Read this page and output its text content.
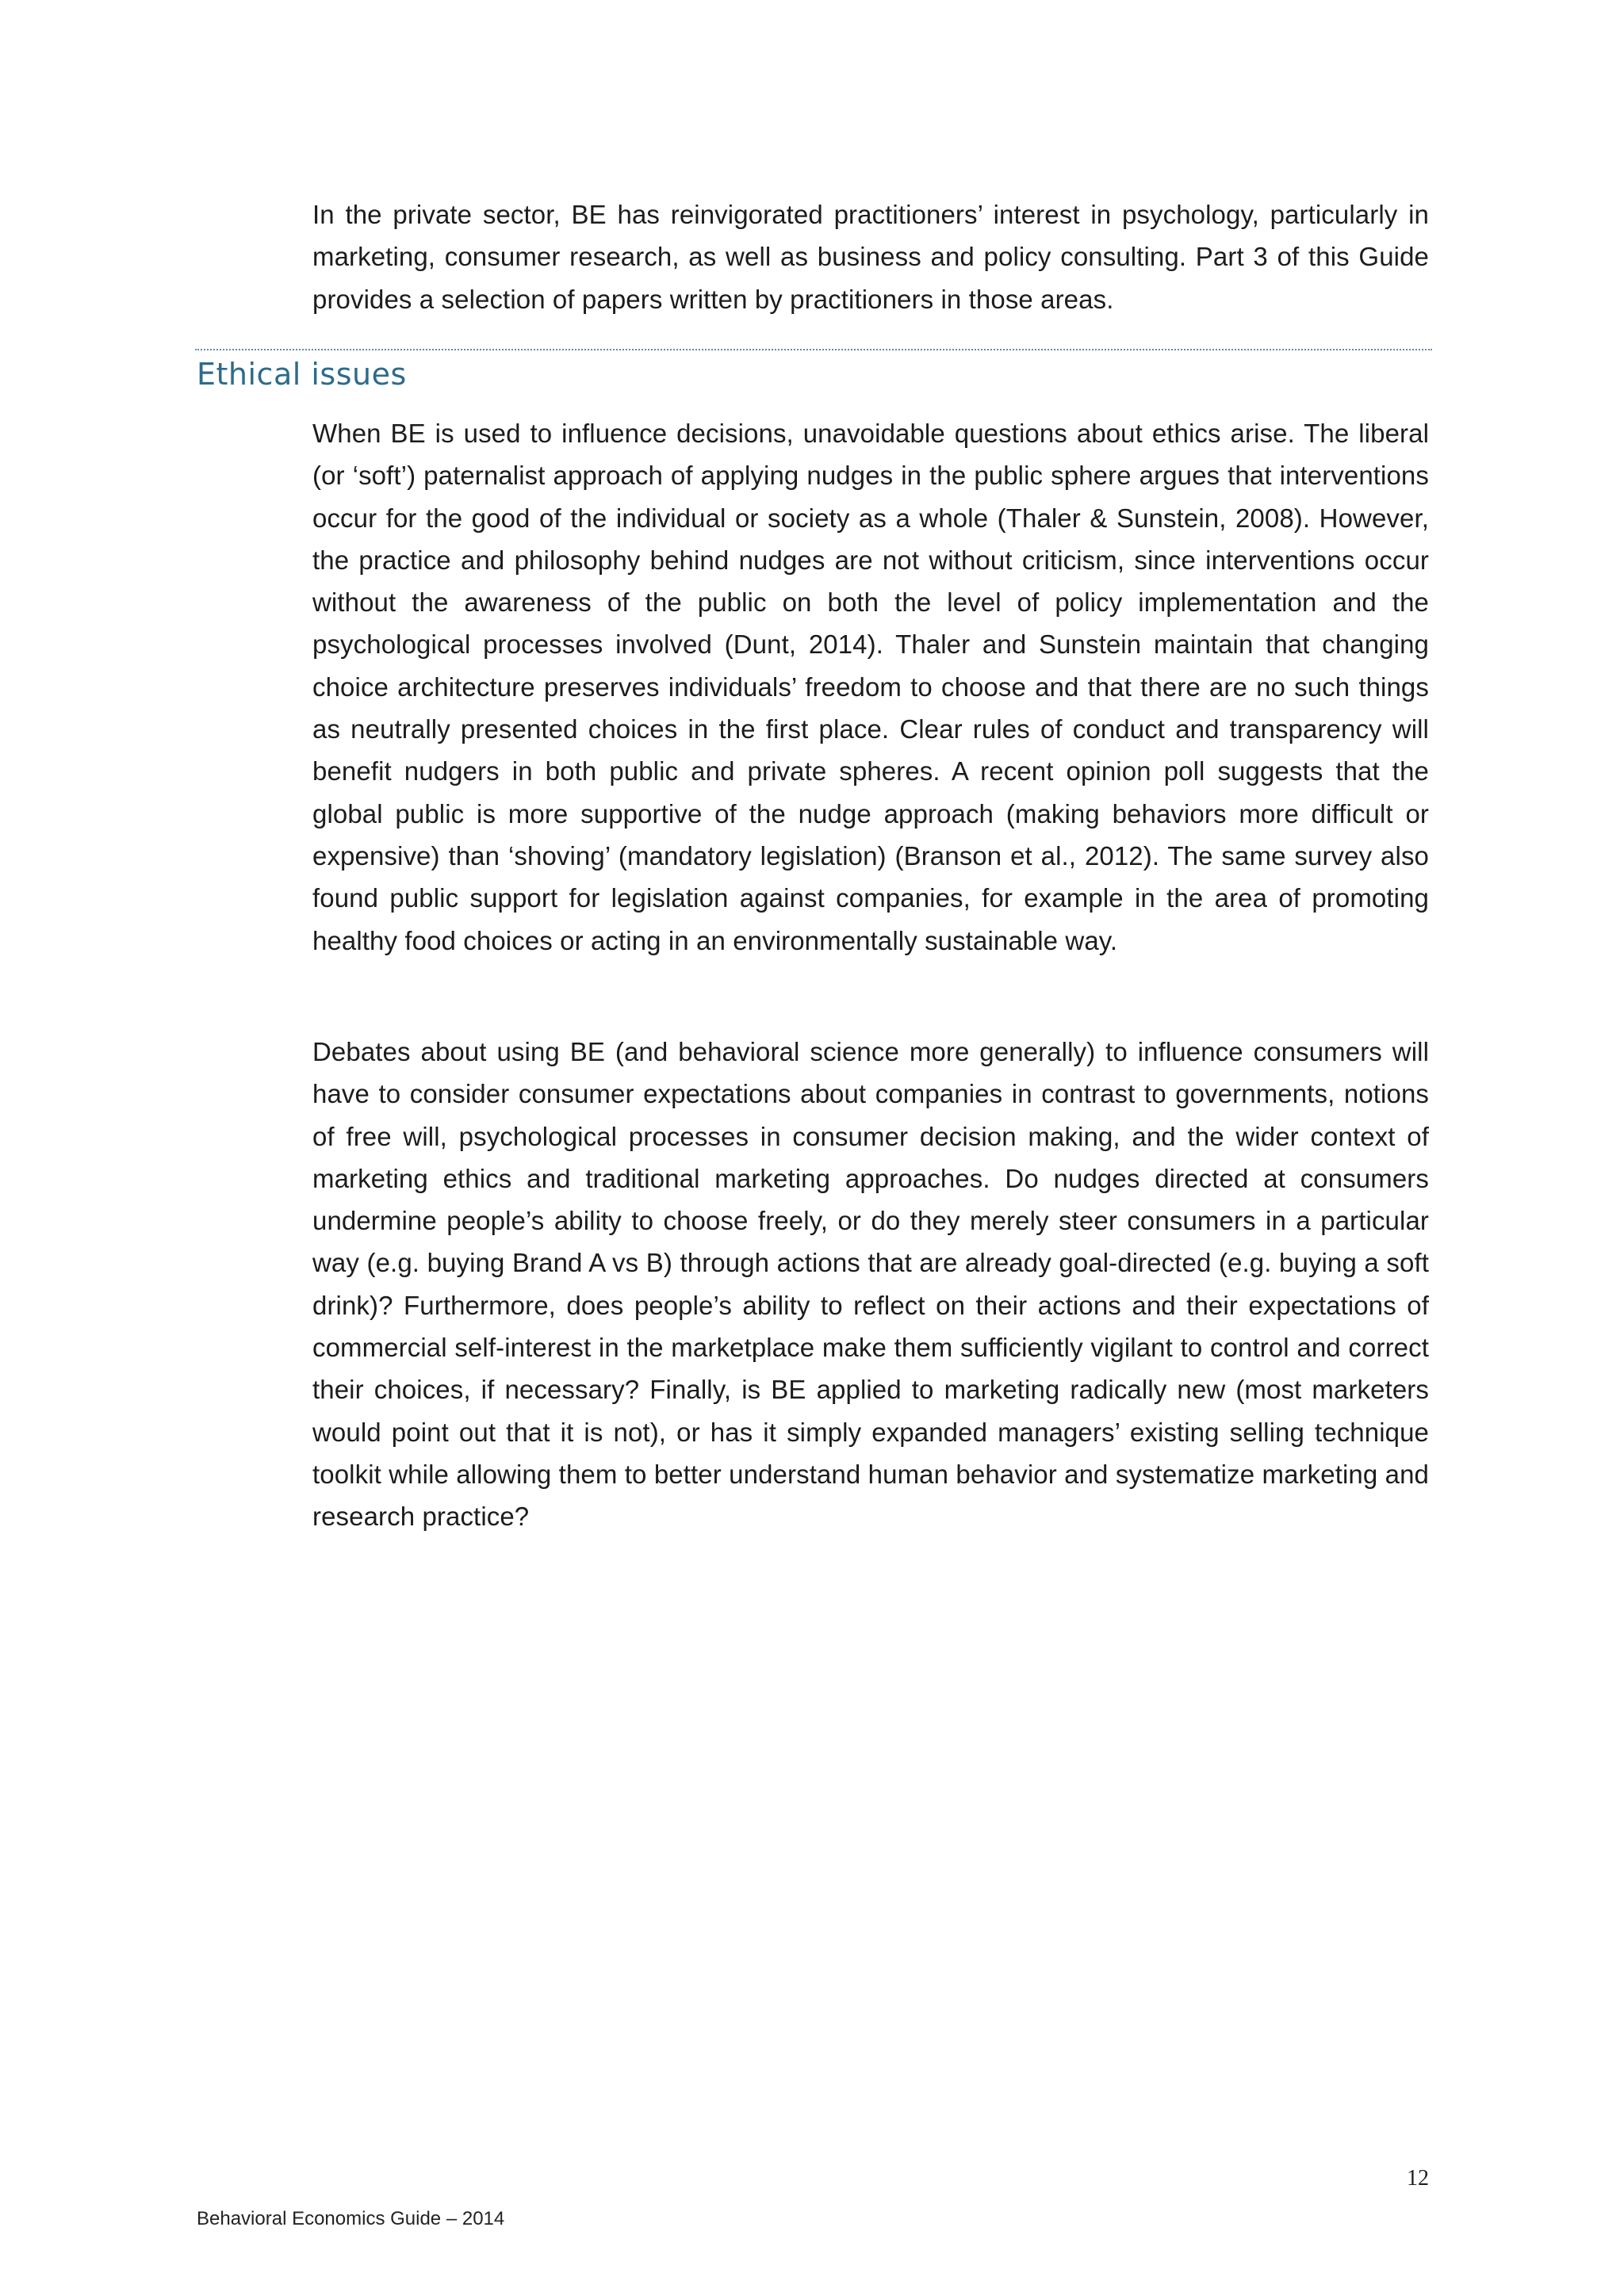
In the private sector, BE has reinvigorated practitioners’ interest in psychology, particularly in marketing, consumer research, as well as business and policy consulting. Part 3 of this Guide provides a selection of papers written by practitioners in those areas.

Ethical issues

When BE is used to influence decisions, unavoidable questions about ethics arise. The liberal (or ‘soft’) paternalist approach of applying nudges in the public sphere argues that interventions occur for the good of the individual or society as a whole (Thaler & Sunstein, 2008). However, the practice and philosophy behind nudges are not without criticism, since interventions occur without the awareness of the public on both the level of policy implementation and the psychological processes involved (Dunt, 2014). Thaler and Sunstein maintain that changing choice architecture preserves individuals’ freedom to choose and that there are no such things as neutrally presented choices in the first place. Clear rules of conduct and transparency will benefit nudgers in both public and private spheres. A recent opinion poll suggests that the global public is more supportive of the nudge approach (making behaviors more difficult or expensive) than ‘shoving’ (mandatory legislation) (Branson et al., 2012). The same survey also found public support for legislation against companies, for example in the area of promoting healthy food choices or acting in an environmentally sustainable way.

Debates about using BE (and behavioral science more generally) to influence consumers will have to consider consumer expectations about companies in contrast to governments, notions of free will, psychological processes in consumer decision making, and the wider context of marketing ethics and traditional marketing approaches. Do nudges directed at consumers undermine people’s ability to choose freely, or do they merely steer consumers in a particular way (e.g. buying Brand A vs B) through actions that are already goal-directed (e.g. buying a soft drink)? Furthermore, does people’s ability to reflect on their actions and their expectations of commercial self-interest in the marketplace make them sufficiently vigilant to control and correct their choices, if necessary? Finally, is BE applied to marketing radically new (most marketers would point out that it is not), or has it simply expanded managers’ existing selling technique toolkit while allowing them to better understand human behavior and systematize marketing and research practice?

12
Behavioral Economics Guide – 2014
